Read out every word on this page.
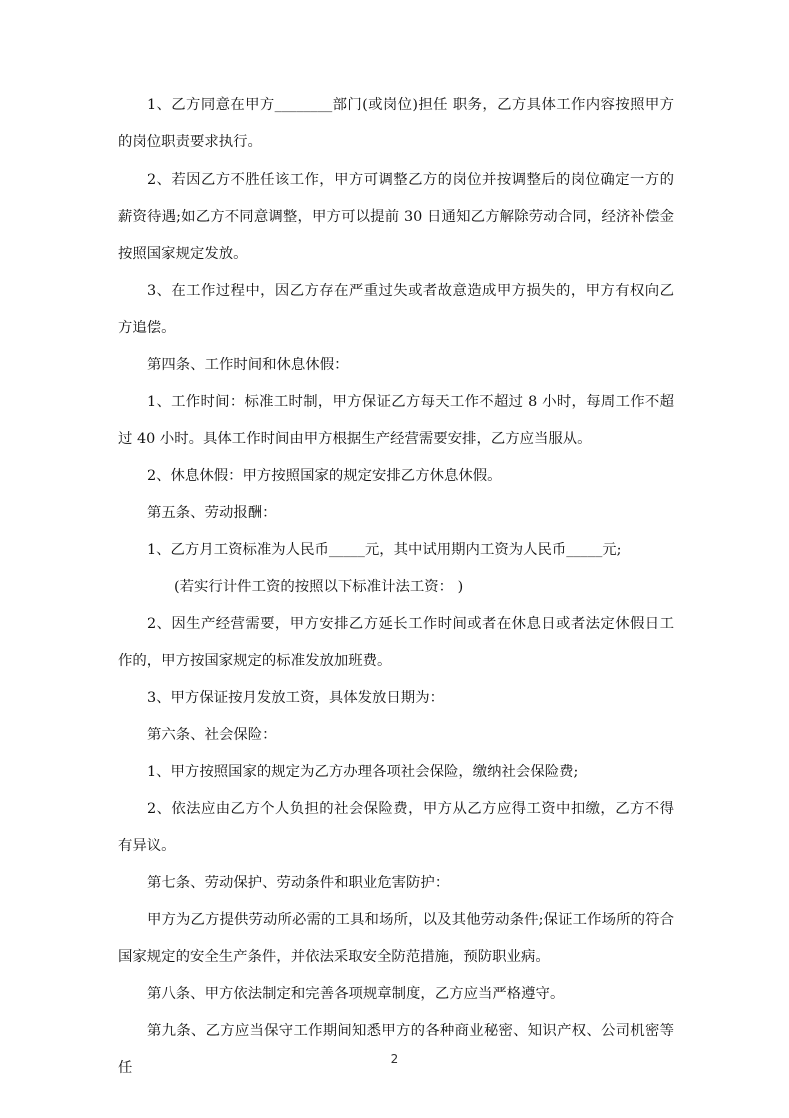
1、乙方同意在甲方________部门(或岗位)担任 职务，乙方具体工作内容按照甲方的岗位职责要求执行。

2、若因乙方不胜任该工作，甲方可调整乙方的岗位并按调整后的岗位确定一方的薪资待遇;如乙方不同意调整，甲方可以提前 30 日通知乙方解除劳动合同，经济补偿金按照国家规定发放。

3、在工作过程中，因乙方存在严重过失或者故意造成甲方损失的，甲方有权向乙方追偿。

第四条、工作时间和休息休假：

1、工作时间：标准工时制，甲方保证乙方每天工作不超过 8 小时，每周工作不超过 40 小时。具体工作时间由甲方根据生产经营需要安排，乙方应当服从。

2、休息休假：甲方按照国家的规定安排乙方休息休假。

第五条、劳动报酬：

1、乙方月工资标准为人民币_____元，其中试用期内工资为人民币_____元;

(若实行计件工资的按照以下标准计法工资： )

2、因生产经营需要，甲方安排乙方延长工作时间或者在休息日或者法定休假日工作的，甲方按国家规定的标准发放加班费。

3、甲方保证按月发放工资，具体发放日期为：

第六条、社会保险：

1、甲方按照国家的规定为乙方办理各项社会保险，缴纳社会保险费;

2、依法应由乙方个人负担的社会保险费，甲方从乙方应得工资中扣缴，乙方不得有异议。

第七条、劳动保护、劳动条件和职业危害防护：

甲方为乙方提供劳动所必需的工具和场所，以及其他劳动条件;保证工作场所的符合国家规定的安全生产条件，并依法采取安全防范措施，预防职业病。

第八条、甲方依法制定和完善各项规章制度，乙方应当严格遵守。

第九条、乙方应当保守工作期间知悉甲方的各种商业秘密、知识产权、公司机密等任

2
